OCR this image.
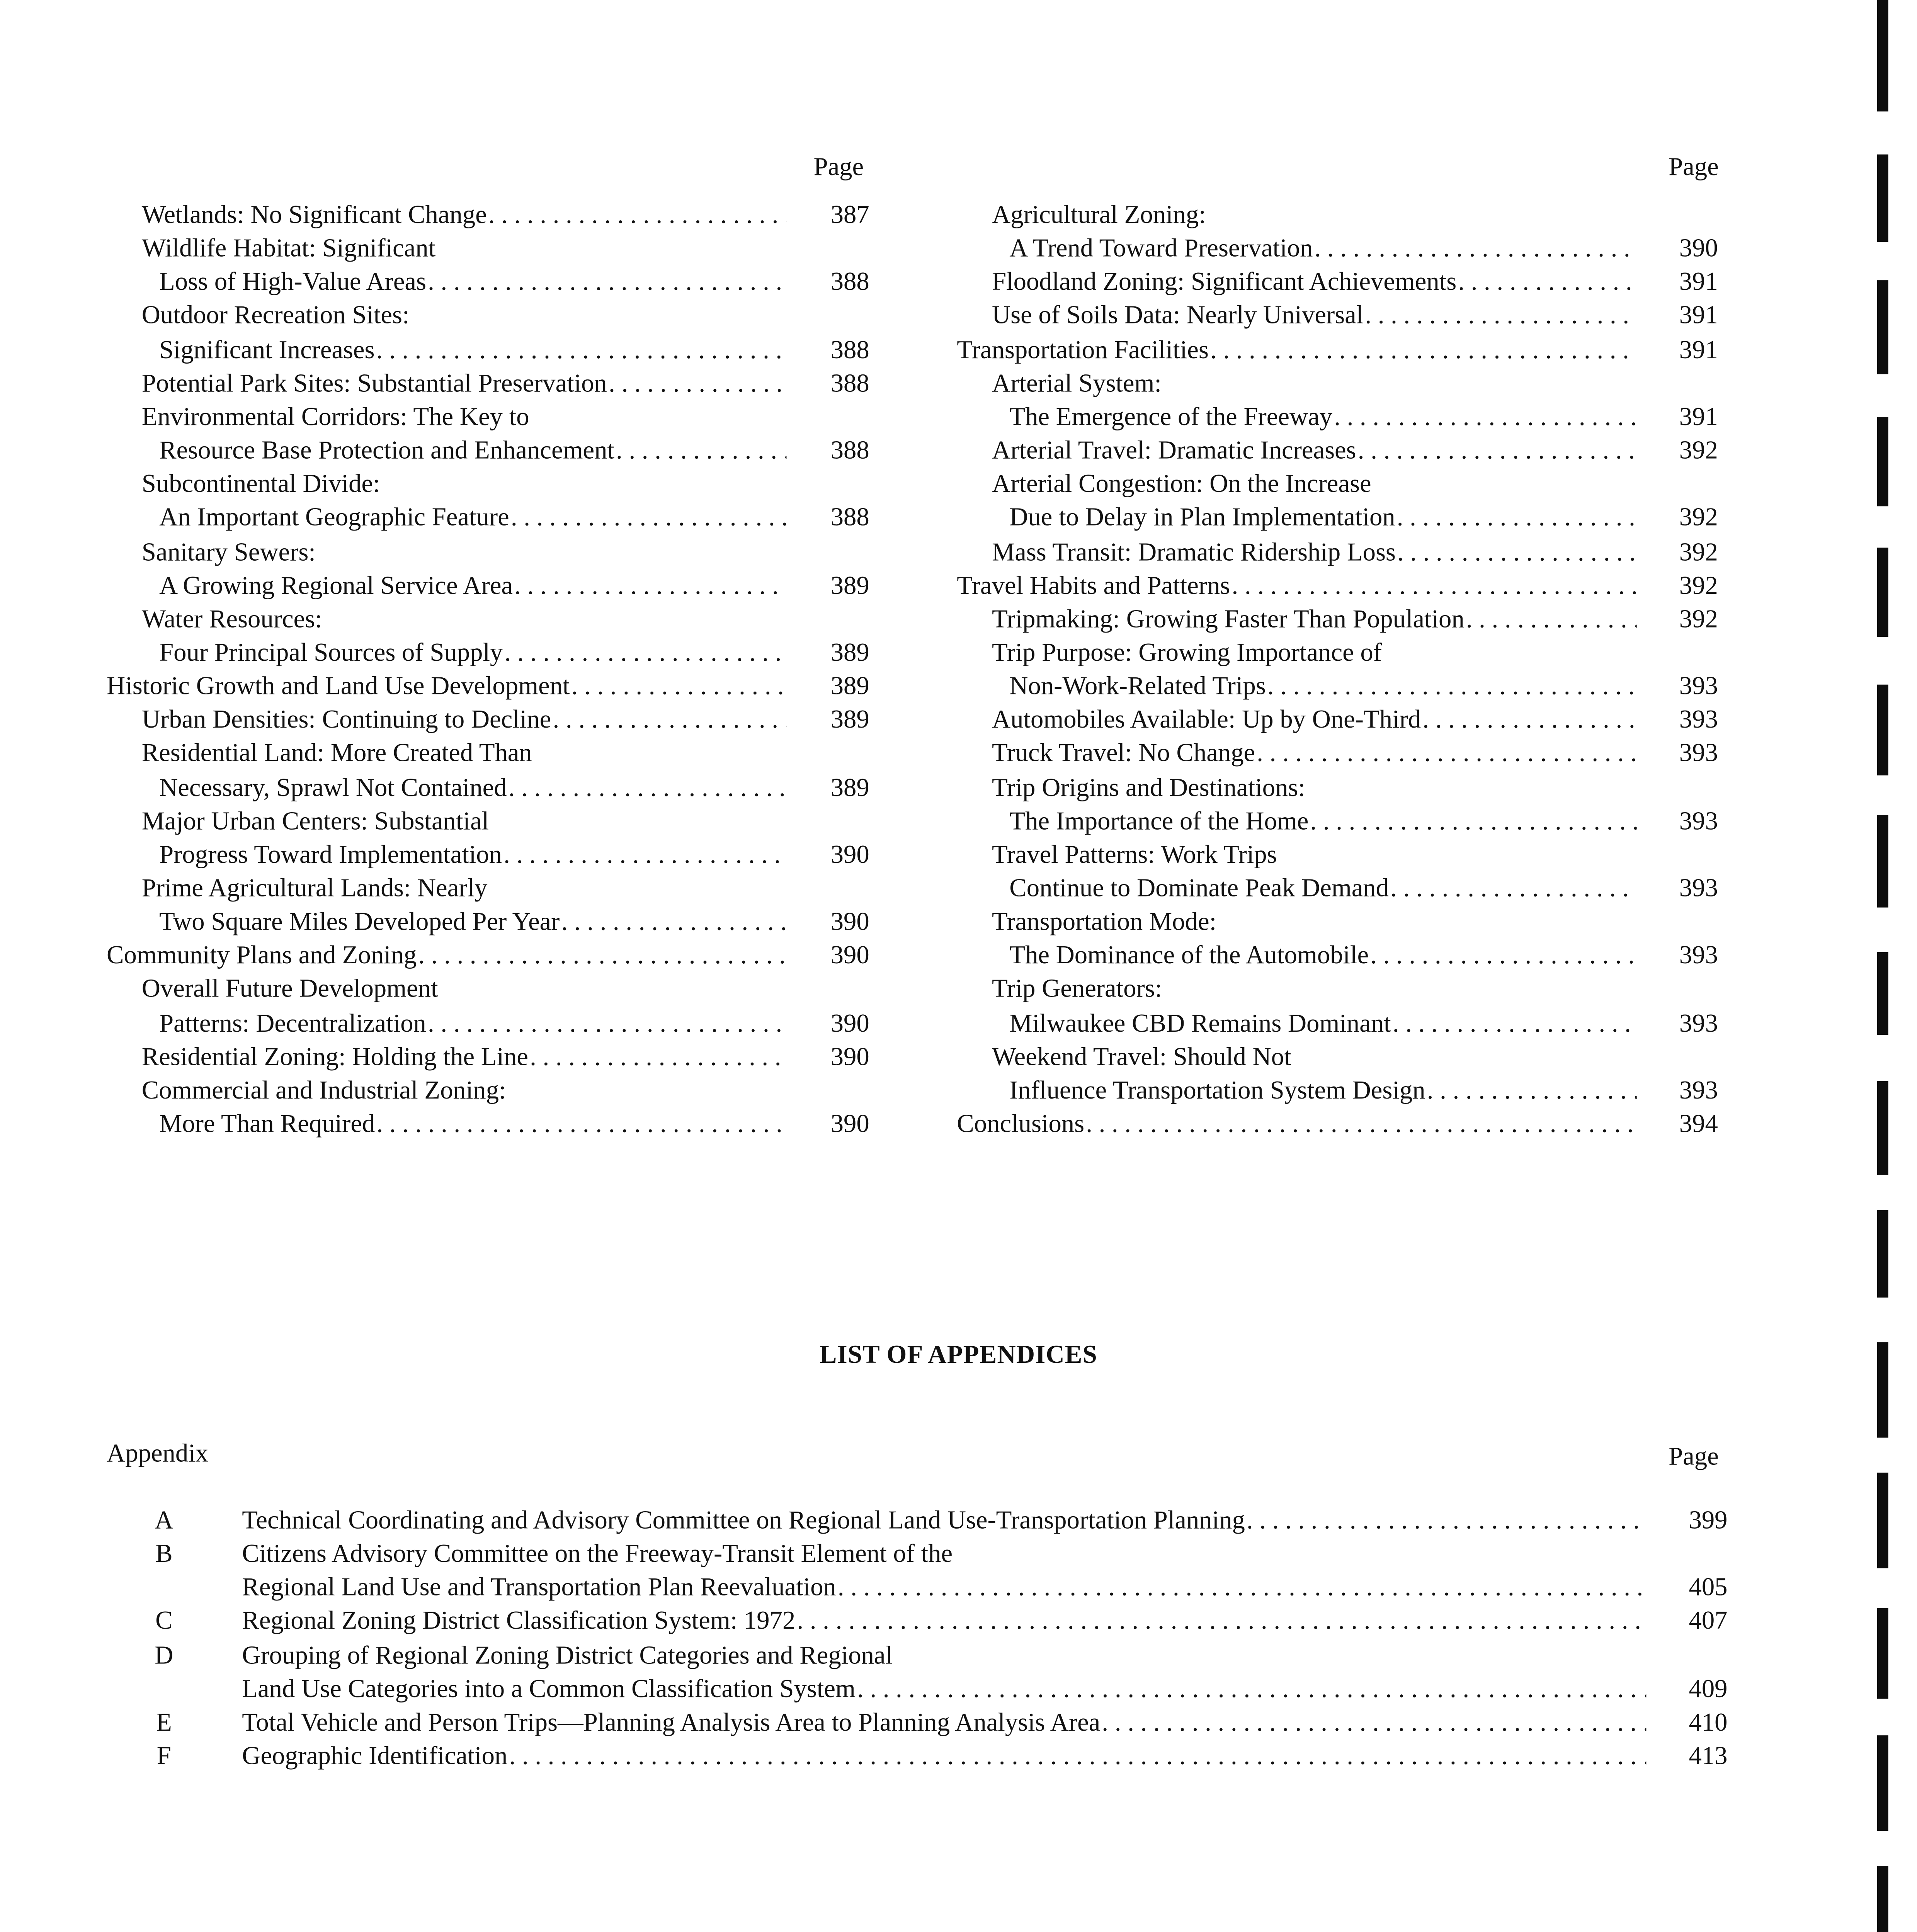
Page	Page
Wetlands: No Significant Change . . .	387
Wildlife Habitat: Significant
Loss of High-Value Areas . . .	388
Outdoor Recreation Sites:
Significant Increases . . .	388
Potential Park Sites: Substantial Preservation . . .	388
Environmental Corridors: The Key to
Resource Base Protection and Enhancement . . .	388
Subcontinental Divide:
An Important Geographic Feature . . .	388
Sanitary Sewers:
A Growing Regional Service Area . . .	389
Water Resources:
Four Principal Sources of Supply . . .	389
Historic Growth and Land Use Development . . .	389
Urban Densities: Continuing to Decline . . .	389
Residential Land: More Created Than
Necessary, Sprawl Not Contained . . .	389
Major Urban Centers: Substantial
Progress Toward Implementation . . .	390
Prime Agricultural Lands: Nearly
Two Square Miles Developed Per Year . . .	390
Community Plans and Zoning . . .	390
Overall Future Development
Patterns: Decentralization . . .	390
Residential Zoning: Holding the Line . . .	390
Commercial and Industrial Zoning:
More Than Required . . .	390
Agricultural Zoning:
A Trend Toward Preservation . . .	390
Floodland Zoning: Significant Achievements . . .	391
Use of Soils Data: Nearly Universal . . .	391
Transportation Facilities . . .	391
Arterial System:
The Emergence of the Freeway . . .	391
Arterial Travel: Dramatic Increases . . .	392
Arterial Congestion: On the Increase
Due to Delay in Plan Implementation . . .	392
Mass Transit: Dramatic Ridership Loss . . .	392
Travel Habits and Patterns . . .	392
Tripmaking: Growing Faster Than Population . . .	392
Trip Purpose: Growing Importance of
Non-Work-Related Trips . . .	393
Automobiles Available: Up by One-Third . . .	393
Truck Travel: No Change . . .	393
Trip Origins and Destinations:
The Importance of the Home . . .	393
Travel Patterns: Work Trips
Continue to Dominate Peak Demand . . .	393
Transportation Mode:
The Dominance of the Automobile . . .	393
Trip Generators:
Milwaukee CBD Remains Dominant . . .	393
Weekend Travel: Should Not
Influence Transportation System Design . . .	393
Conclusions . . .	394
LIST OF APPENDICES
Appendix	Page
A	Technical Coordinating and Advisory Committee on Regional Land Use-Transportation Planning . . .	399
B	Citizens Advisory Committee on the Freeway-Transit Element of the
Regional Land Use and Transportation Plan Reevaluation . . .	405
C	Regional Zoning District Classification System: 1972 . . .	407
D	Grouping of Regional Zoning District Categories and Regional
Land Use Categories into a Common Classification System . . .	409
E	Total Vehicle and Person Trips—Planning Analysis Area to Planning Analysis Area . . .	410
F	Geographic Identification . . .	413
